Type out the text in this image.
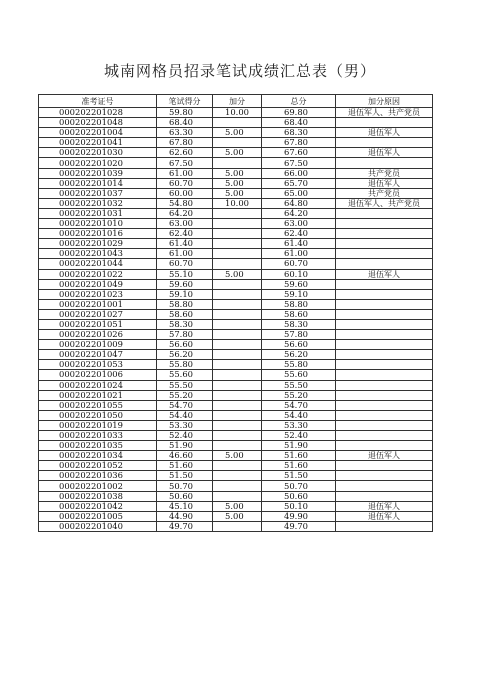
城南网格员招录笔试成绩汇总表（男）
准考证号	笔试得分	加分	总分	加分原因
000202201028	59.80	10.00	69.80	退伍军人、共产党员
000202201048	68.40		68.40	
000202201004	63.30	5.00	68.30	退伍军人
000202201041	67.80		67.80	
000202201030	62.60	5.00	67.60	退伍军人
000202201020	67.50		67.50	
000202201039	61.00	5.00	66.00	共产党员
000202201014	60.70	5.00	65.70	退伍军人
000202201037	60.00	5.00	65.00	共产党员
000202201032	54.80	10.00	64.80	退伍军人、共产党员
000202201031	64.20		64.20	
000202201010	63.00		63.00	
000202201016	62.40		62.40	
000202201029	61.40		61.40	
000202201043	61.00		61.00	
000202201044	60.70		60.70	
000202201022	55.10	5.00	60.10	退伍军人
000202201049	59.60		59.60	
000202201023	59.10		59.10	
000202201001	58.80		58.80	
000202201027	58.60		58.60	
000202201051	58.30		58.30	
000202201026	57.80		57.80	
000202201009	56.60		56.60	
000202201047	56.20		56.20	
000202201053	55.80		55.80	
000202201006	55.60		55.60	
000202201024	55.50		55.50	
000202201021	55.20		55.20	
000202201055	54.70		54.70	
000202201050	54.40		54.40	
000202201019	53.30		53.30	
000202201033	52.40		52.40	
000202201035	51.90		51.90	
000202201034	46.60	5.00	51.60	退伍军人
000202201052	51.60		51.60	
000202201036	51.50		51.50	
000202201002	50.70		50.70	
000202201038	50.60		50.60	
000202201042	45.10	5.00	50.10	退伍军人
000202201005	44.90	5.00	49.90	退伍军人
000202201040	49.70		49.70	
